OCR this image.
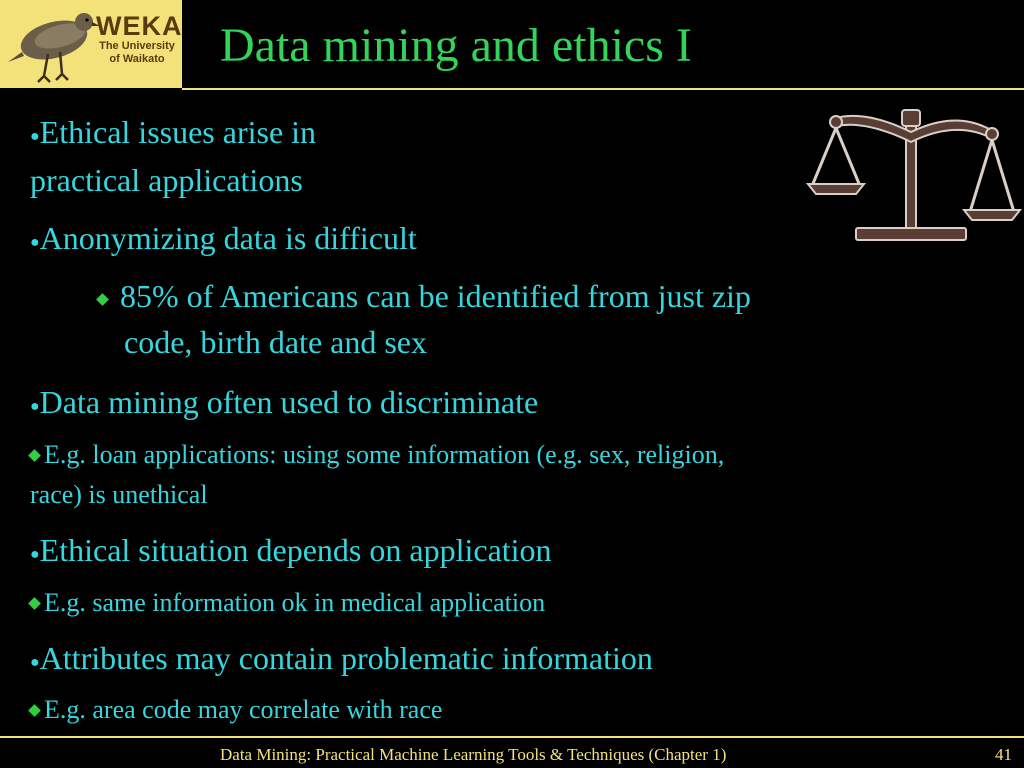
WEKA
The University
of Waikato Data mining and ethics I
●Ethical issues arise in
practical applications
●Anonymizing data is difficult
85% of Americans can be identified from just zip
code, birth date and sex
●Data mining often used to discriminate
E.g. loan applications: using some information (e.g. sex, religion,
race) is unethical
●Ethical situation depends on application
E.g. same information ok in medical application
●Attributes may contain problematic information
E.g. area code may correlate with race
Data Mining: Practical Machine Learning Tools & Techniques (Chapter 1)	41
